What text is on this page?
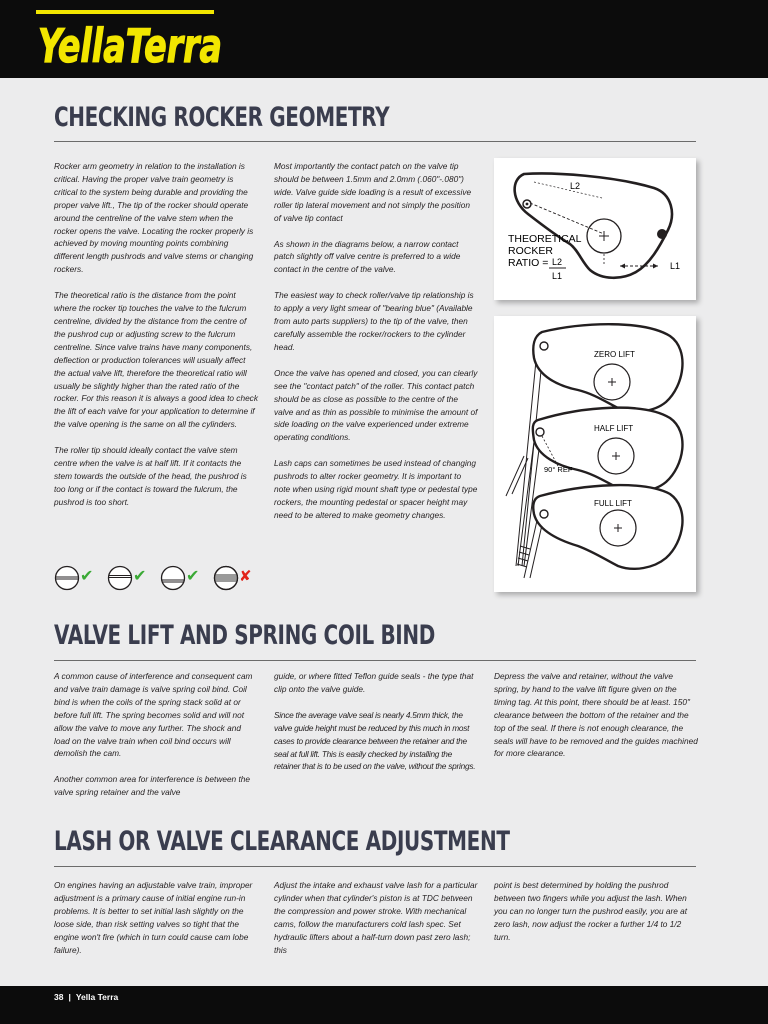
YellaTerra
CHECKING ROCKER GEOMETRY

Rocker arm geometry in relation to the installation is critical. Having the proper valve train geometry is critical to the system being durable and providing the proper valve lift., The tip of the rocker should operate around the centreline of the valve stem when the rocker opens the valve. Locating the rocker properly is achieved by moving mounting points combining different length pushrods and valve stems or changing rockers.

The theoretical ratio is the distance from the point where the rocker tip touches the valve to the fulcrum centreline, divided by the distance from the centre of the pushrod cup or adjusting screw to the fulcrum centreline. Since valve trains have many components, deflection or production tolerances will usually affect the actual valve lift, therefore the theoretical ratio will usually be slightly higher than the rated ratio of the rocker. For this reason it is always a good idea to check the lift of each valve for your application to determine if the valve opening is the same on all the cylinders.

The roller tip should ideally contact the valve stem centre when the valve is at half lift. If it contacts the stem towards the outside of the head, the pushrod is too long or if the contact is toward the fulcrum, the pushrod is too short.

Most importantly the contact patch on the valve tip should be between 1.5mm and 2.0mm (.060"-.080") wide. Valve guide side loading is a result of excessive roller tip lateral movement and not simply the position of valve tip contact

As shown in the diagrams below, a narrow contact patch slightly off valve centre is preferred to a wide contact in the centre of the valve.

The easiest way to check roller/valve tip relationship is to apply a very light smear of "bearing blue" (Available from auto parts suppliers) to the tip of the valve, then carefully assemble the rocker/rockers to the cylinder head.

Once the valve has opened and closed, you can clearly see the "contact patch" of the roller. This contact patch should be as close as possible to the centre of the valve and as thin as possible to minimise the amount of side loading on the valve experienced under extreme operating conditions.

Lash caps can sometimes be used instead of changing pushrods to alter rocker geometry. It is important to note when using rigid mount shaft type or pedestal type rockers, the mounting pedestal or spacer height may need to be altered to make geometry changes.

✔ ✔ ✔	✘
L2
L1
THEORETICAL
ROCKER
RATIO = L2
L1
ZERO LIFT
HALF LIFT
90° REF
FULL LIFT
VALVE LIFT AND SPRING COIL BIND

A common cause of interference and consequent cam and valve train damage is valve spring coil bind. Coil bind is when the coils of the spring stack solid at or before full lift. The spring becomes solid and will not allow the valve to move any further. The shock and load on the valve train when coil bind occurs will demolish the cam.

Another common area for interference is between the valve spring retainer and the valve

guide, or where fitted Teflon guide seals - the type that clip onto the valve guide.

Since the average valve seal is nearly 4.5mm thick, the valve guide height must be reduced by this much in most cases to provide clearance between the retainer and the seal at full lift. This is easily checked by installing the retainer that is to be used on the valve, without the springs.

Depress the valve and retainer, without the valve spring, by hand to the valve lift figure given on the timing tag. At this point, there should be at least. 150" clearance between the bottom of the retainer and the top of the seal. If there is not enough clearance, the seals will have to be removed and the guides machined for more clearance.

LASH OR VALVE CLEARANCE ADJUSTMENT

On engines having an adjustable valve train, improper adjustment is a primary cause of initial engine run-in problems. It is better to set initial lash slightly on the loose side, than risk setting valves so tight that the engine won't fire (which in turn could cause cam lobe failure).

Adjust the intake and exhaust valve lash for a particular cylinder when that cylinder's piston is at TDC between the compression and power stroke. With mechanical cams, follow the manufacturers cold lash spec. Set hydraulic lifters about a half-turn down past zero lash; this

point is best determined by holding the pushrod between two fingers while you adjust the lash. When you can no longer turn the pushrod easily, you are at zero lash, now adjust the rocker a further 1/4 to 1/2 turn.

38 | Yella Terra
